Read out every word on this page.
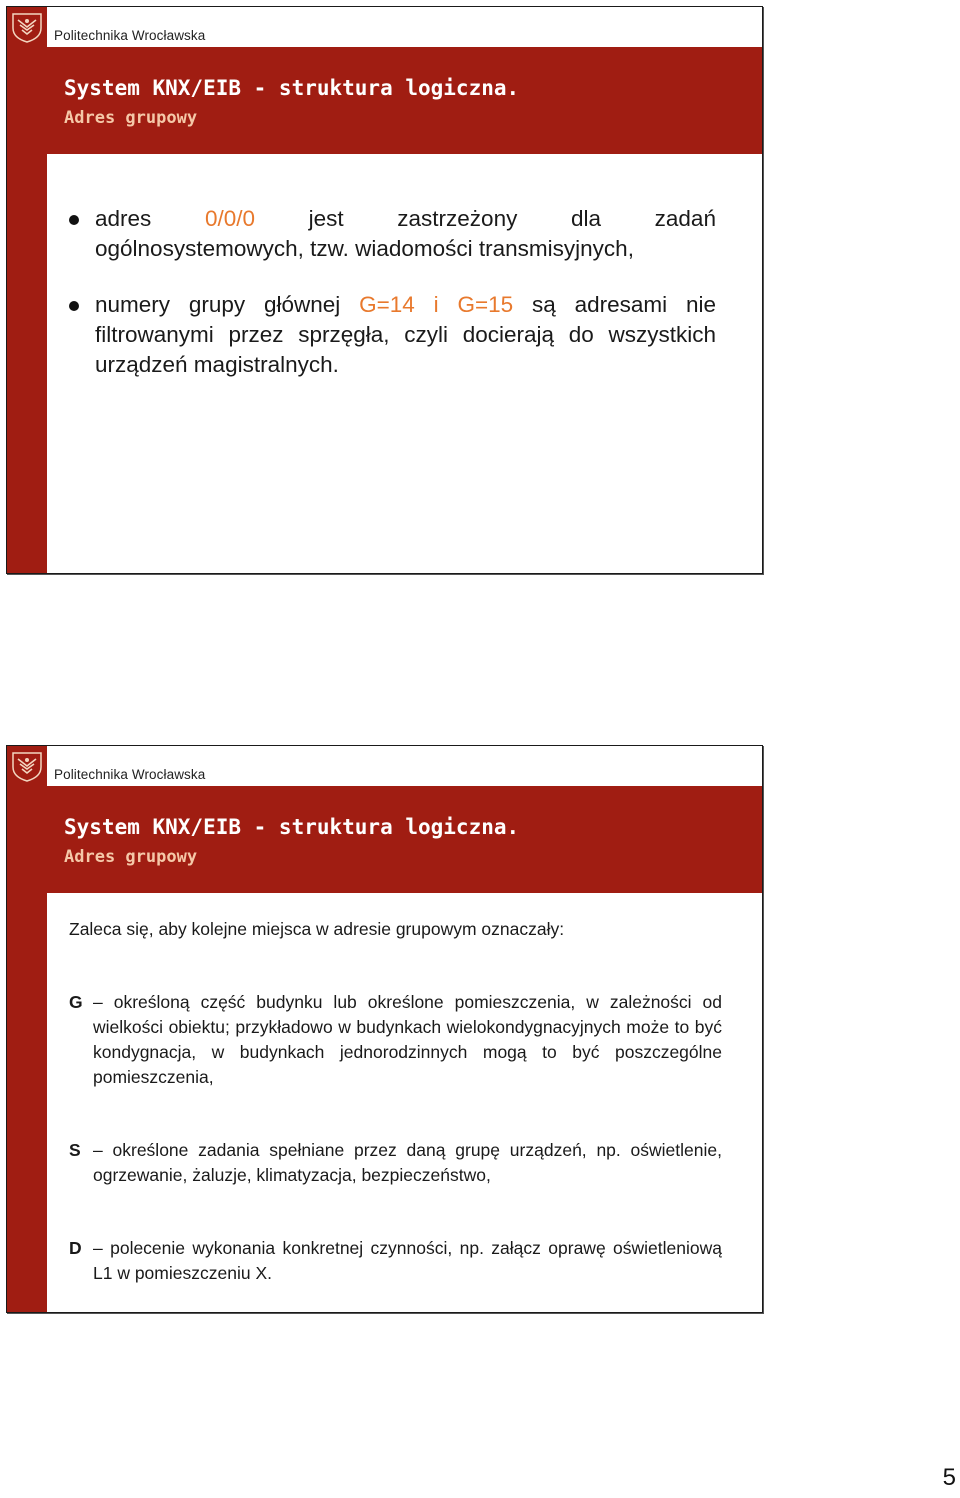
Politechnika Wrocławska
System KNX/EIB - struktura logiczna.
Adres grupowy
adres 0/0/0 jest zastrzeżony dla zadań
ogólnosystemowych, tzw. wiadomości transmisyjnych,
numery grupy głównej G=14 i G=15 są adresami nie filtrowanymi przez sprzęgła, czyli docierają do wszystkich urządzeń magistralnych.
Politechnika Wrocławska
System KNX/EIB - struktura logiczna.
Adres grupowy
Zaleca się, aby kolejne miejsca w adresie grupowym oznaczały:
G – określoną część budynku lub określone pomieszczenia, w zależności od wielkości obiektu; przykładowo w budynkach wielokondygnacyjnych może to być kondygnacja, w budynkach jednorodzinnych mogą to być poszczególne pomieszczenia,
S – określone zadania spełniane przez daną grupę urządzeń, np. oświetlenie, ogrzewanie, żaluzje, klimatyzacja, bezpieczeństwo,
D – polecenie wykonania konkretnej czynności, np. załącz oprawę oświetleniową L1 w pomieszczeniu X.
5
